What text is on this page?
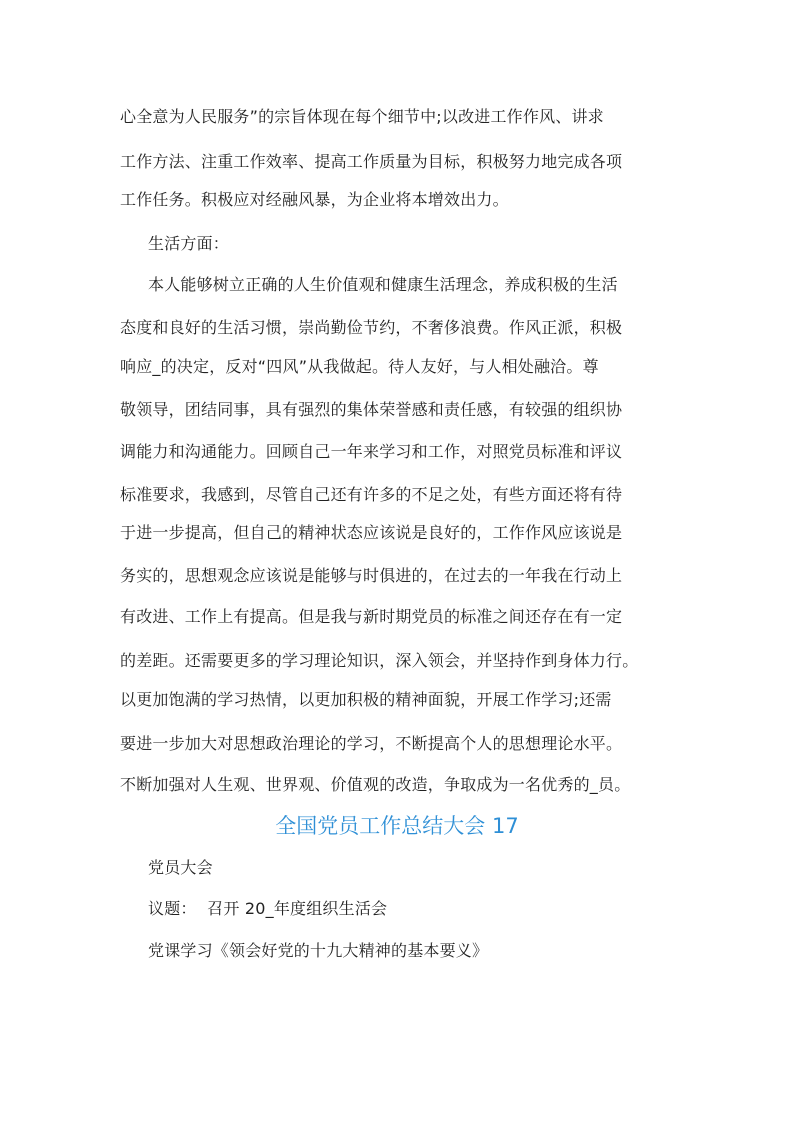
心全意为人民服务”的宗旨体现在每个细节中;以改进工作作风、讲求
工作方法、注重工作效率、提高工作质量为目标，积极努力地完成各项
工作任务。积极应对经融风暴，为企业将本增效出力。
生活方面：
本人能够树立正确的人生价值观和健康生活理念，养成积极的生活
态度和良好的生活习惯，崇尚勤俭节约，不奢侈浪费。作风正派，积极
响应_的决定，反对“四风”从我做起。待人友好，与人相处融洽。尊
敬领导，团结同事，具有强烈的集体荣誉感和责任感，有较强的组织协
调能力和沟通能力。回顾自己一年来学习和工作，对照党员标准和评议
标准要求，我感到，尽管自己还有许多的不足之处，有些方面还将有待
于进一步提高，但自己的精神状态应该说是良好的，工作作风应该说是
务实的，思想观念应该说是能够与时俱进的，在过去的一年我在行动上
有改进、工作上有提高。但是我与新时期党员的标准之间还存在有一定
的差距。还需要更多的学习理论知识，深入领会，并坚持作到身体力行。
以更加饱满的学习热情，以更加积极的精神面貌，开展工作学习;还需
要进一步加大对思想政治理论的学习，不断提高个人的思想理论水平。
不断加强对人生观、世界观、价值观的改造，争取成为一名优秀的_员。
全国党员工作总结大会 17
党员大会
议题：  召开 20_年度组织生活会
党课学习《领会好党的十九大精神的基本要义》
